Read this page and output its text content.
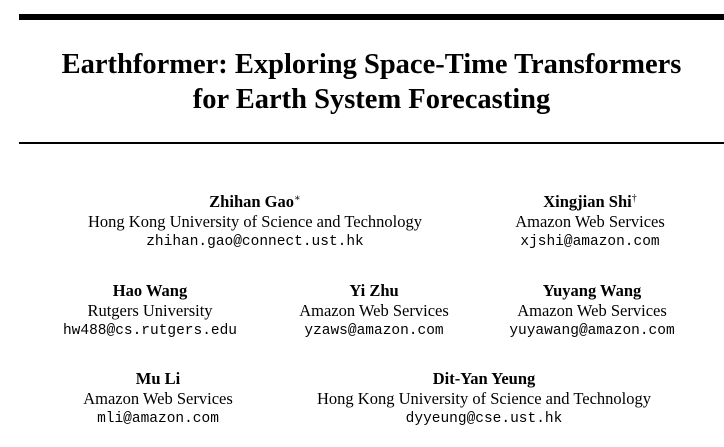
Earthformer: Exploring Space-Time Transformers
for Earth System Forecasting
Zhihan Gao∗
Hong Kong University of Science and Technology
zhihan.gao@connect.ust.hk
Xingjian Shi†
Amazon Web Services
xjshi@amazon.com
Hao Wang
Rutgers University
hw488@cs.rutgers.edu
Yi Zhu
Amazon Web Services
yzaws@amazon.com
Yuyang Wang
Amazon Web Services
yuyawang@amazon.com
Mu Li
Amazon Web Services
mli@amazon.com
Dit-Yan Yeung
Hong Kong University of Science and Technology
dyyeung@cse.ust.hk
